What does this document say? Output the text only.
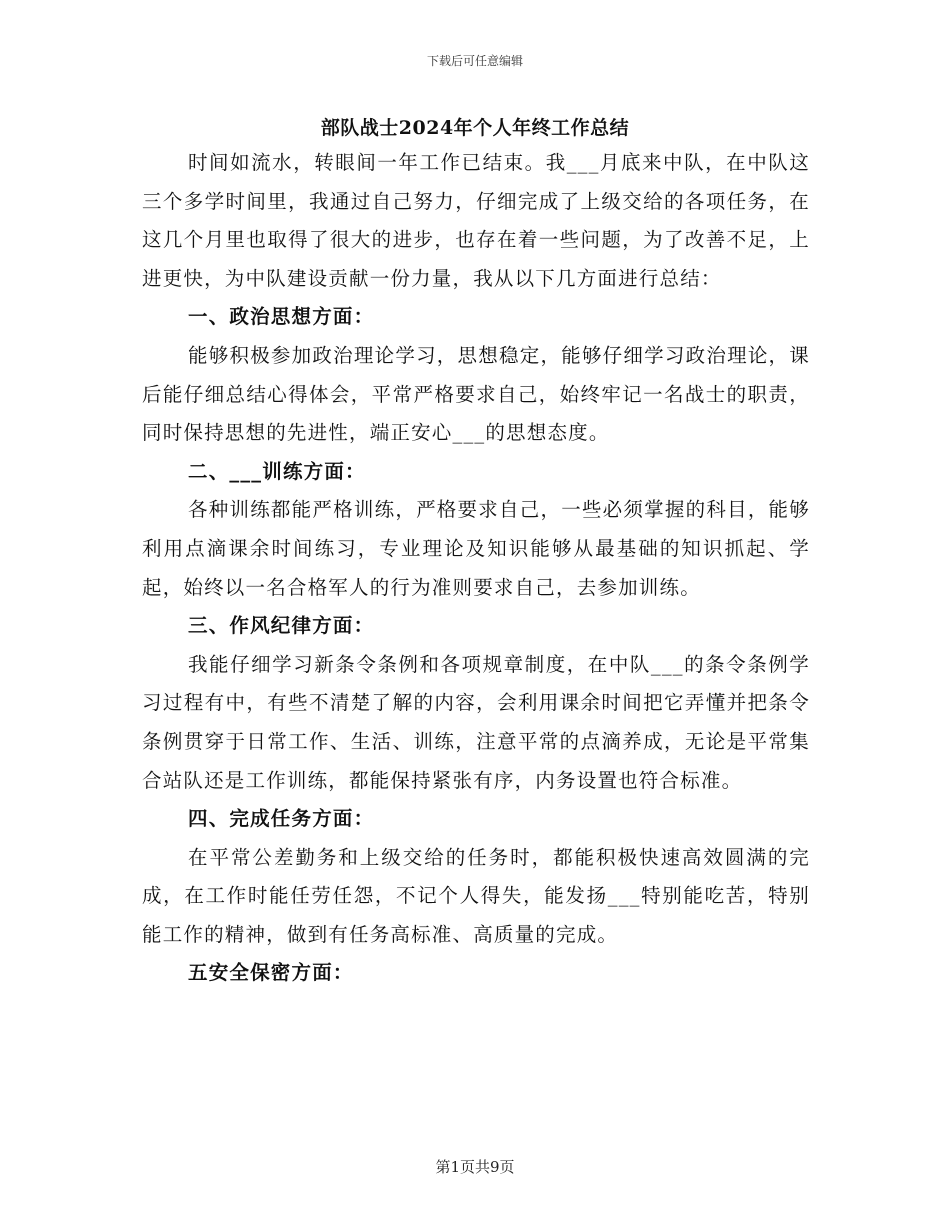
下载后可任意编辑
部队战士2024年个人年终工作总结

时间如流水，转眼间一年工作已结束。我___月底来中队，在中队这三个多学时间里，我通过自己努力，仔细完成了上级交给的各项任务，在这几个月里也取得了很大的进步，也存在着一些问题，为了改善不足，上进更快，为中队建设贡献一份力量，我从以下几方面进行总结：

一、政治思想方面：

能够积极参加政治理论学习，思想稳定，能够仔细学习政治理论，课后能仔细总结心得体会，平常严格要求自己，始终牢记一名战士的职责，同时保持思想的先进性，端正安心___的思想态度。

二、___训练方面：

各种训练都能严格训练，严格要求自己，一些必须掌握的科目，能够利用点滴课余时间练习，专业理论及知识能够从最基础的知识抓起、学起，始终以一名合格军人的行为准则要求自己，去参加训练。

三、作风纪律方面：

我能仔细学习新条令条例和各项规章制度，在中队___的条令条例学习过程有中，有些不清楚了解的内容，会利用课余时间把它弄懂并把条令条例贯穿于日常工作、生活、训练，注意平常的点滴养成，无论是平常集合站队还是工作训练，都能保持紧张有序，内务设置也符合标准。

四、完成任务方面：

在平常公差勤务和上级交给的任务时，都能积极快速高效圆满的完成，在工作时能任劳任怨，不记个人得失，能发扬___特别能吃苦，特别能工作的精神，做到有任务高标准、高质量的完成。

五安全保密方面：

第1页共9页
